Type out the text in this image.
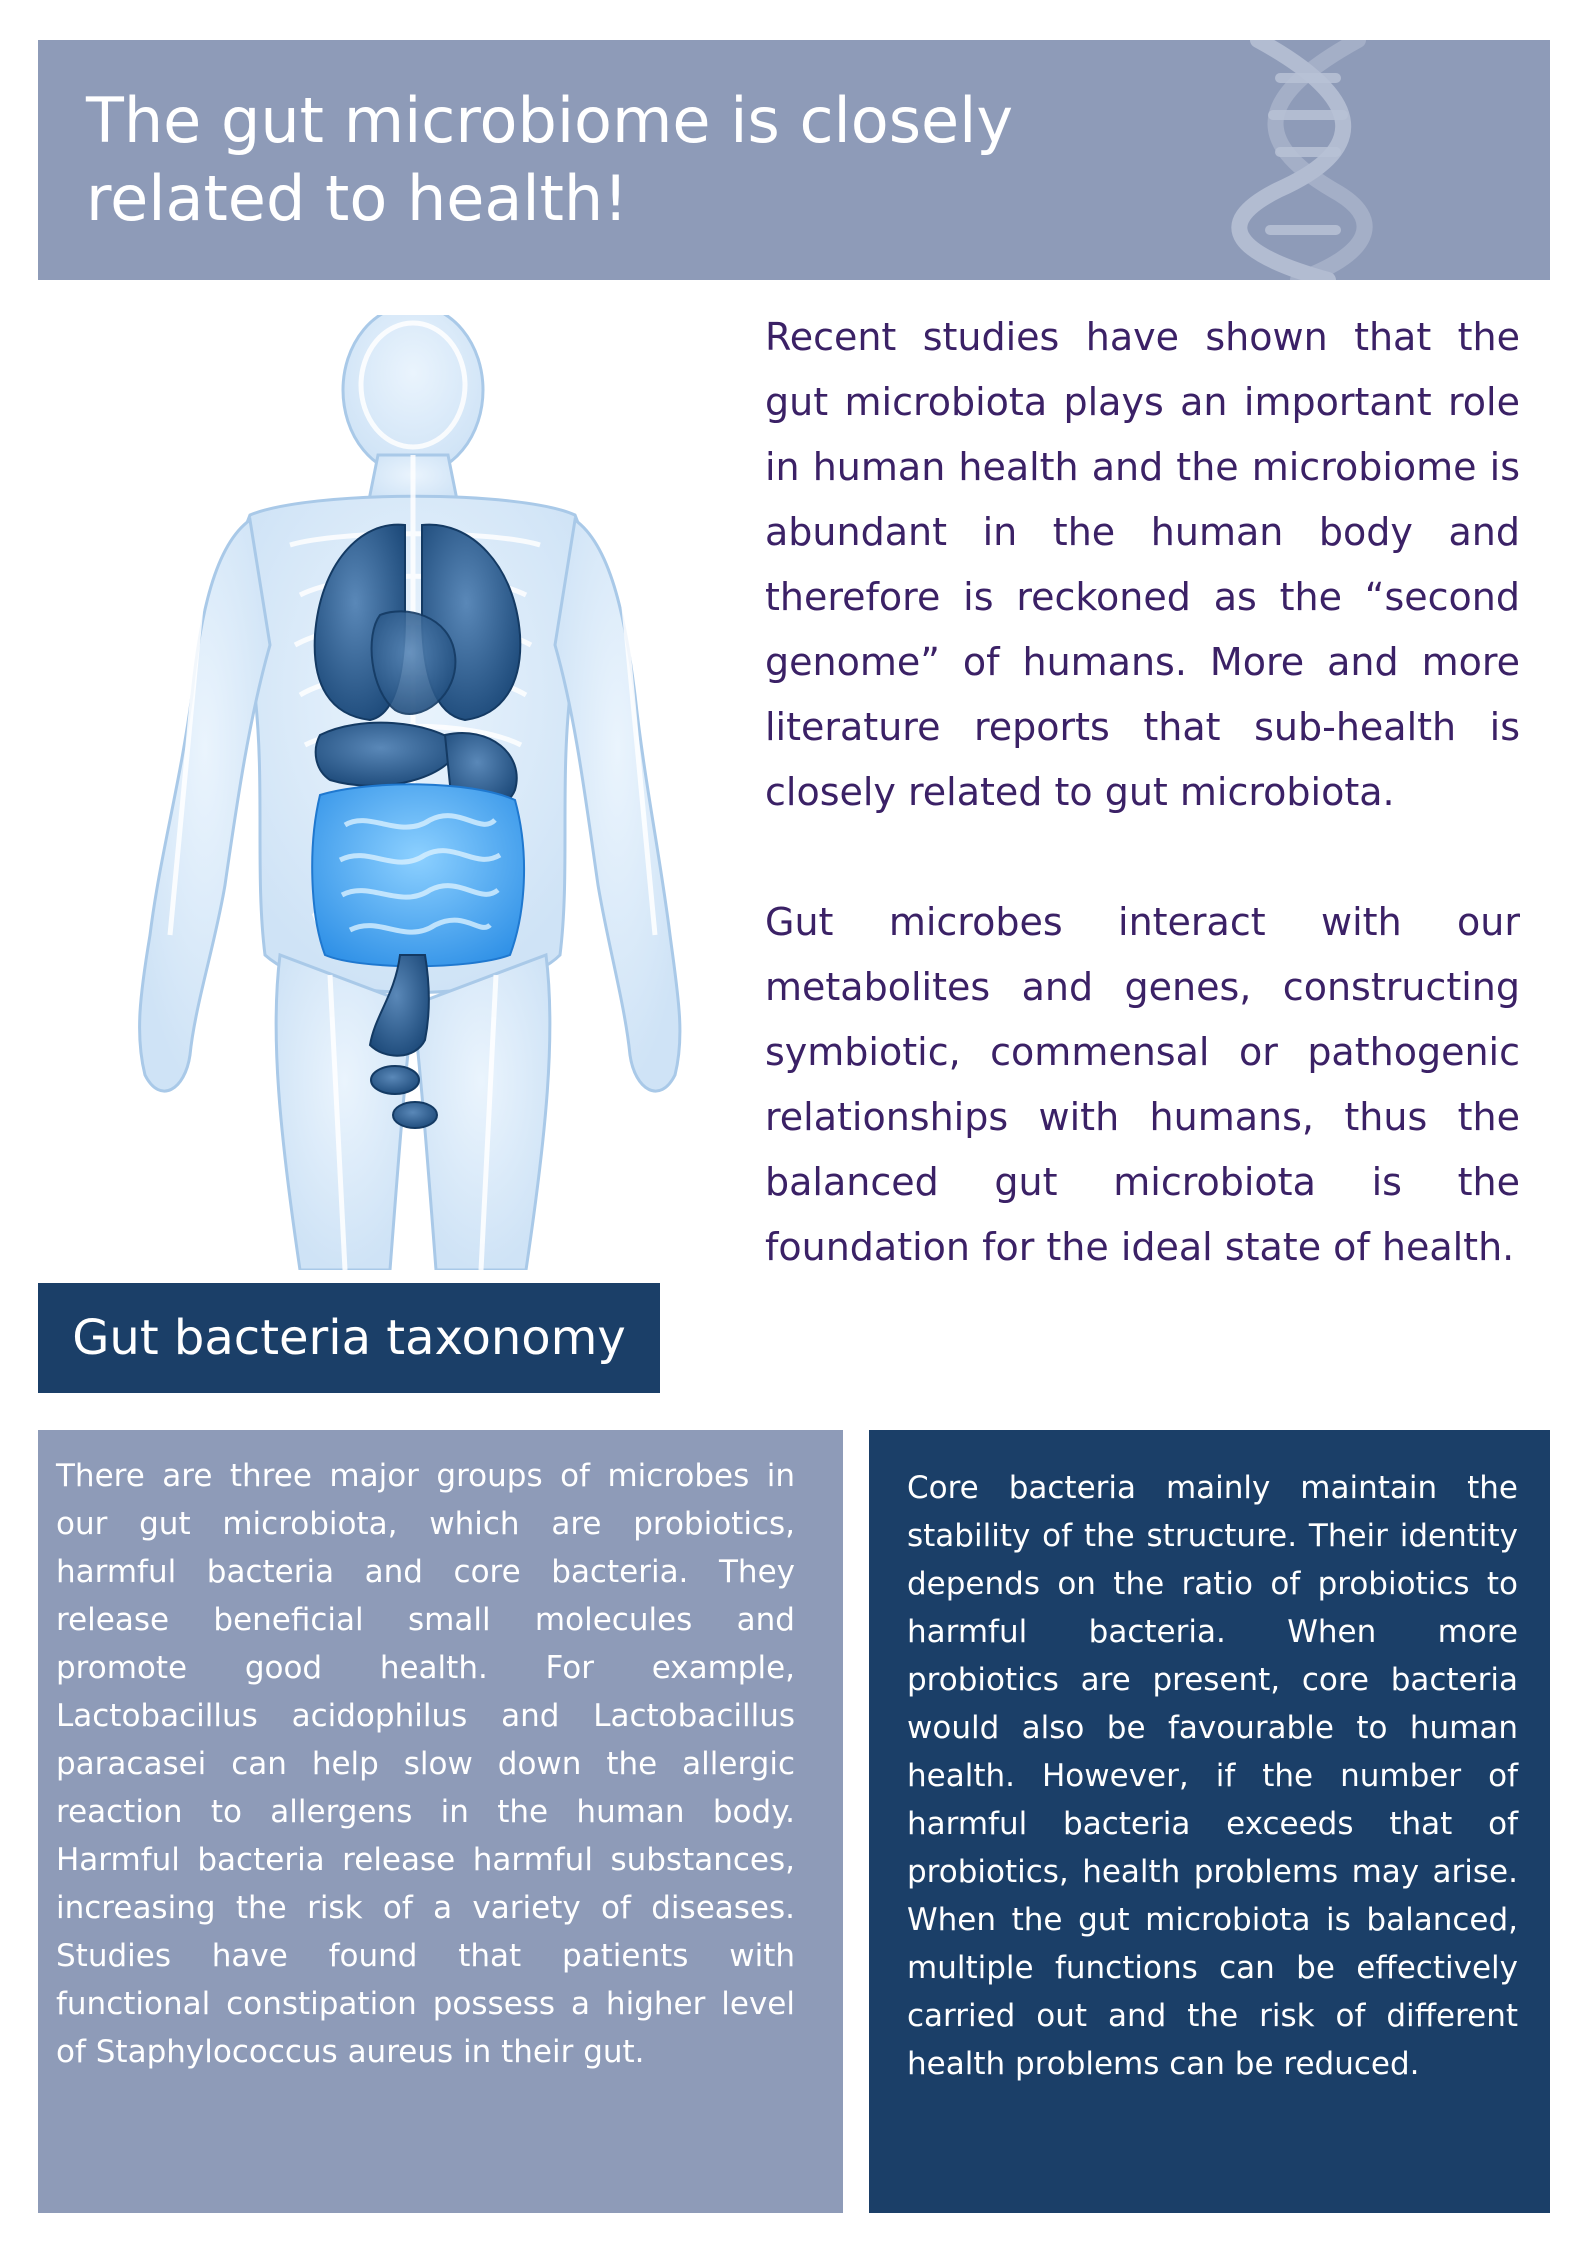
The gut microbiome is closely related to health!

Recent studies have shown that the gut microbiota plays an important role in human health and the microbiome is abundant in the human body and therefore is reckoned as the “second genome” of humans. More and more literature reports that sub-health is closely related to gut microbiota.

Gut microbes interact with our metabolites and genes, constructing symbiotic, commensal or pathogenic relationships with humans, thus the balanced gut microbiota is the foundation for the ideal state of health.

Gut bacteria taxonomy

There are three major groups of microbes in our gut microbiota, which are probiotics, harmful bacteria and core bacteria. They release beneficial small molecules and promote good health. For example, Lactobacillus acidophilus and Lactobacillus paracasei can help slow down the allergic reaction to allergens in the human body. Harmful bacteria release harmful substances, increasing the risk of a variety of diseases. Studies have found that patients with functional constipation possess a higher level of Staphylococcus aureus in their gut.

Core bacteria mainly maintain the stability of the structure. Their identity depends on the ratio of probiotics to harmful bacteria. When more probiotics are present, core bacteria would also be favourable to human health. However, if the number of harmful bacteria exceeds that of probiotics, health problems may arise. When the gut microbiota is balanced, multiple functions can be effectively carried out and the risk of different health problems can be reduced.
